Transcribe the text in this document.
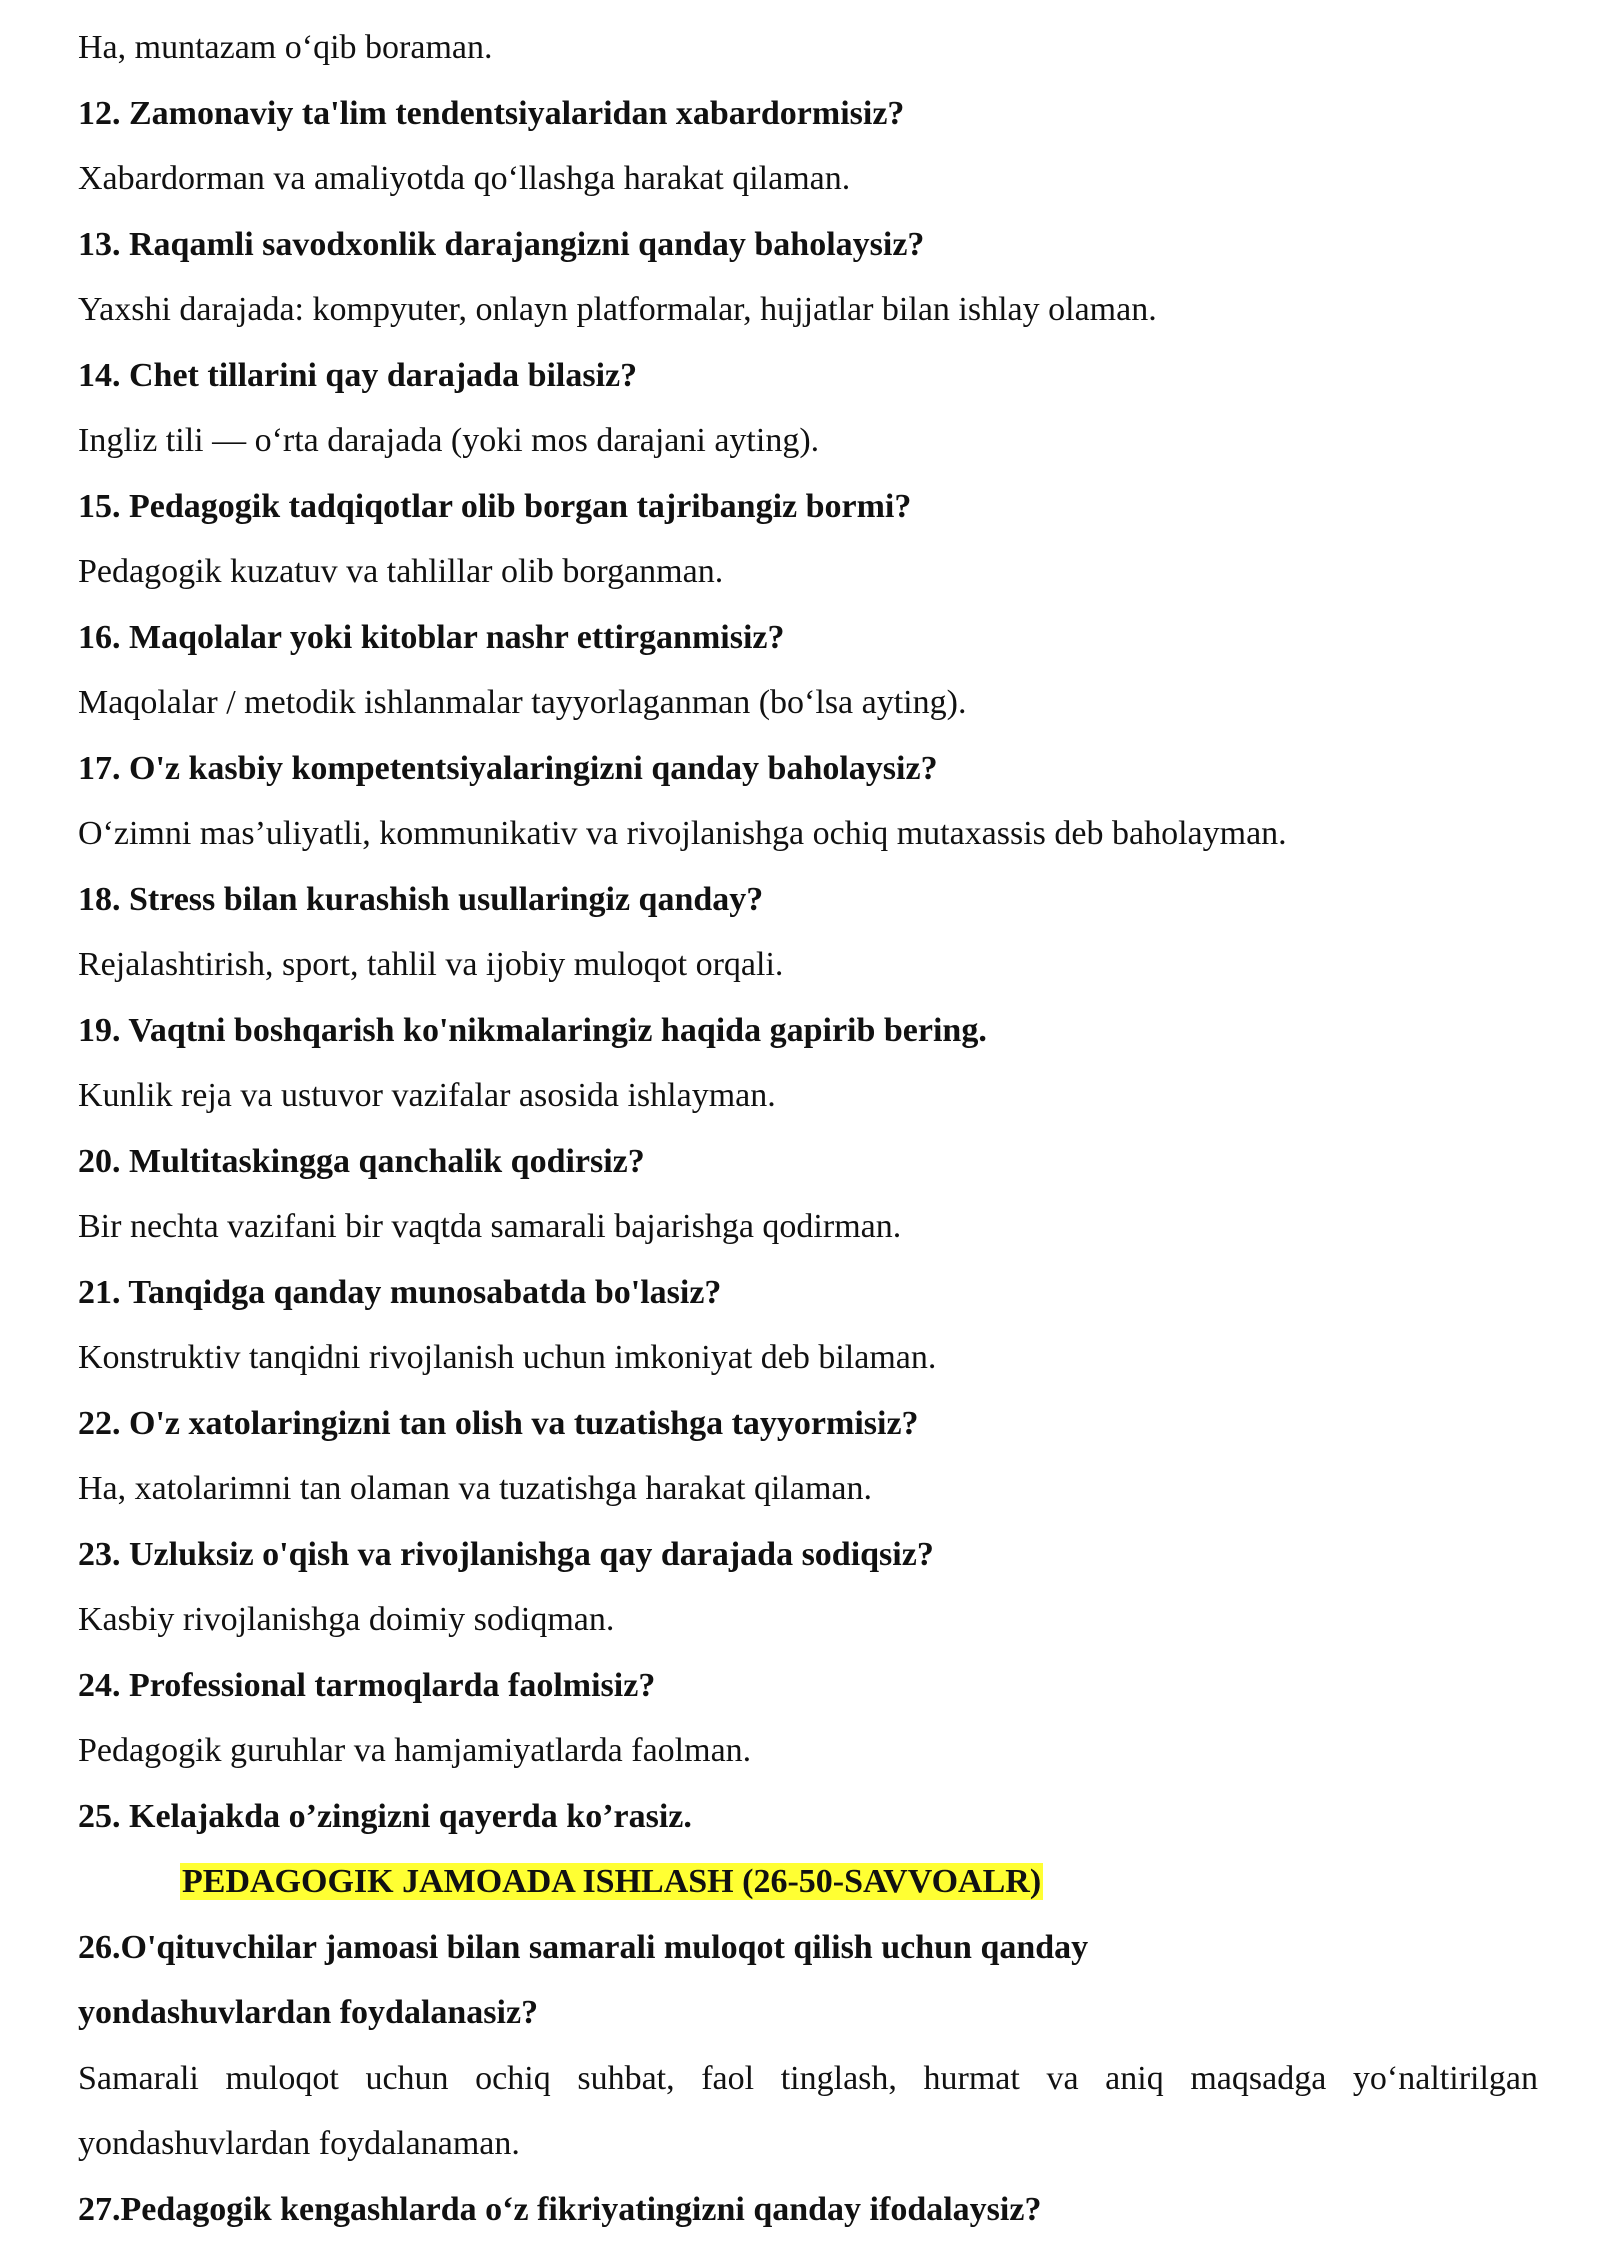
Ha, muntazam o‘qib boraman.
12. Zamonaviy ta'lim tendentsiyalaridan xabardormisiz?
Xabardorman va amaliyotda qo‘llashga harakat qilaman.
13. Raqamli savodxonlik darajangizni qanday baholaysiz?
Yaxshi darajada: kompyuter, onlayn platformalar, hujjatlar bilan ishlay olaman.
14. Chet tillarini qay darajada bilasiz?
Ingliz tili — o‘rta darajada (yoki mos darajani ayting).
15. Pedagogik tadqiqotlar olib borgan tajribangiz bormi?
Pedagogik kuzatuv va tahlillar olib borganman.
16. Maqolalar yoki kitoblar nashr ettirganmisiz?
Maqolalar / metodik ishlanmalar tayyorlaganman (bo‘lsa ayting).
17. O'z kasbiy kompetentsiyalaringizni qanday baholaysiz?
O‘zimni mas’uliyatli, kommunikativ va rivojlanishga ochiq mutaxassis deb baholayman.
18. Stress bilan kurashish usullaringiz qanday?
Rejalashtirish, sport, tahlil va ijobiy muloqot orqali.
19. Vaqtni boshqarish ko'nikmalaringiz haqida gapirib bering.
Kunlik reja va ustuvor vazifalar asosida ishlayman.
20. Multitaskingga qanchalik qodirsiz?
Bir nechta vazifani bir vaqtda samarali bajarishga qodirman.
21. Tanqidga qanday munosabatda bo'lasiz?
Konstruktiv tanqidni rivojlanish uchun imkoniyat deb bilaman.
22. O'z xatolaringizni tan olish va tuzatishga tayyormisiz?
Ha, xatolarimni tan olaman va tuzatishga harakat qilaman.
23. Uzluksiz o'qish va rivojlanishga qay darajada sodiqsiz?
Kasbiy rivojlanishga doimiy sodiqman.
24. Professional tarmoqlarda faolmisiz?
Pedagogik guruhlar va hamjamiyatlarda faolman.
25. Kelajakda o’zingizni qayerda ko’rasiz.
PEDAGOGIK JAMOADA ISHLASH (26-50-SAVVOALR)
26.O'qituvchilar jamoasi bilan samarali muloqot qilish uchun qanday
yondashuvlardan foydalanasiz?
Samarali muloqot uchun ochiq suhbat, faol tinglash, hurmat va aniq maqsadga yo‘naltirilgan
yondashuvlardan foydalanaman.
27.Pedagogik kengashlarda o‘z fikriyatingizni qanday ifodalaysiz?
